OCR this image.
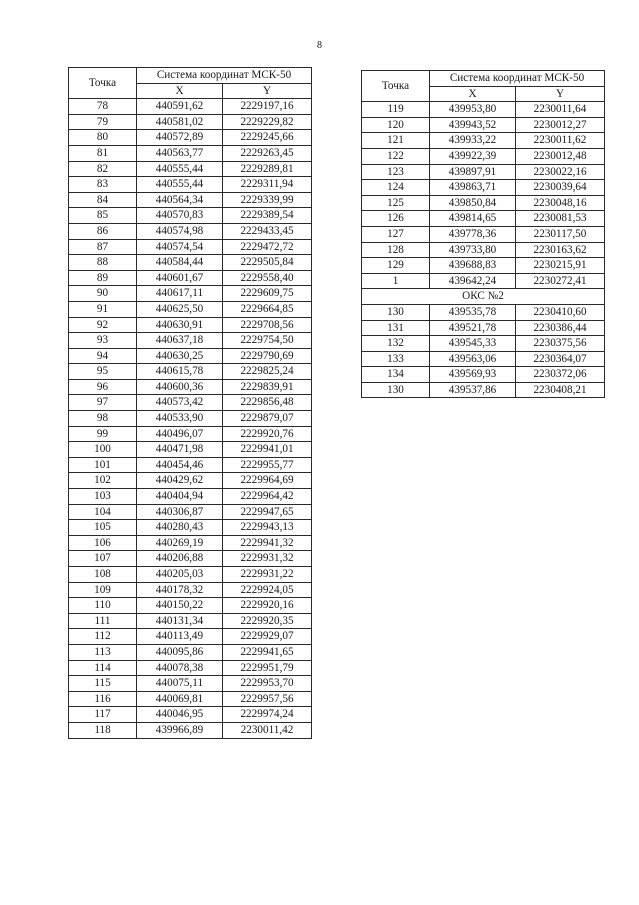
8
Точка	Система координат МСК-50	
	X	Y
78	440591,62	2229197,16
79	440581,02	2229229,82
80	440572,89	2229245,66
81	440563,77	2229263,45
82	440555,44	2229289,81
83	440555,44	2229311,94
84	440564,34	2229339,99
85	440570,83	2229389,54
86	440574,98	2229433,45
87	440574,54	2229472,72
88	440584,44	2229505,84
89	440601,67	2229558,40
90	440617,11	2229609,75
91	440625,50	2229664,85
92	440630,91	2229708,56
93	440637,18	2229754,50
94	440630,25	2229790,69
95	440615,78	2229825,24
96	440600,36	2229839,91
97	440573,42	2229856,48
98	440533,90	2229879,07
99	440496,07	2229920,76
100	440471,98	2229941,01
101	440454,46	2229955,77
102	440429,62	2229964,69
103	440404,94	2229964,42
104	440306,87	2229947,65
105	440280,43	2229943,13
106	440269,19	2229941,32
107	440206,88	2229931,32
108	440205,03	2229931,22
109	440178,32	2229924,05
110	440150,22	2229920,16
111	440131,34	2229920,35
112	440113,49	2229929,07
113	440095,86	2229941,65
114	440078,38	2229951,79
115	440075,11	2229953,70
116	440069,81	2229957,56
117	440046,95	2229974,24
118	439966,89	2230011,42
Точка	Система координат МСК-50	
	X	Y
119	439953,80	2230011,64
120	439943,52	2230012,27
121	439933,22	2230011,62
122	439922,39	2230012,48
123	439897,91	2230022,16
124	439863,71	2230039,64
125	439850,84	2230048,16
126	439814,65	2230081,53
127	439778,36	2230117,50
128	439733,80	2230163,62
129	439688,83	2230215,91
1	439642,24	2230272,41
ОКС №2		
130	439535,78	2230410,60
131	439521,78	2230386,44
132	439545,33	2230375,56
133	439563,06	2230364,07
134	439569,93	2230372,06
130	439537,86	2230408,21
